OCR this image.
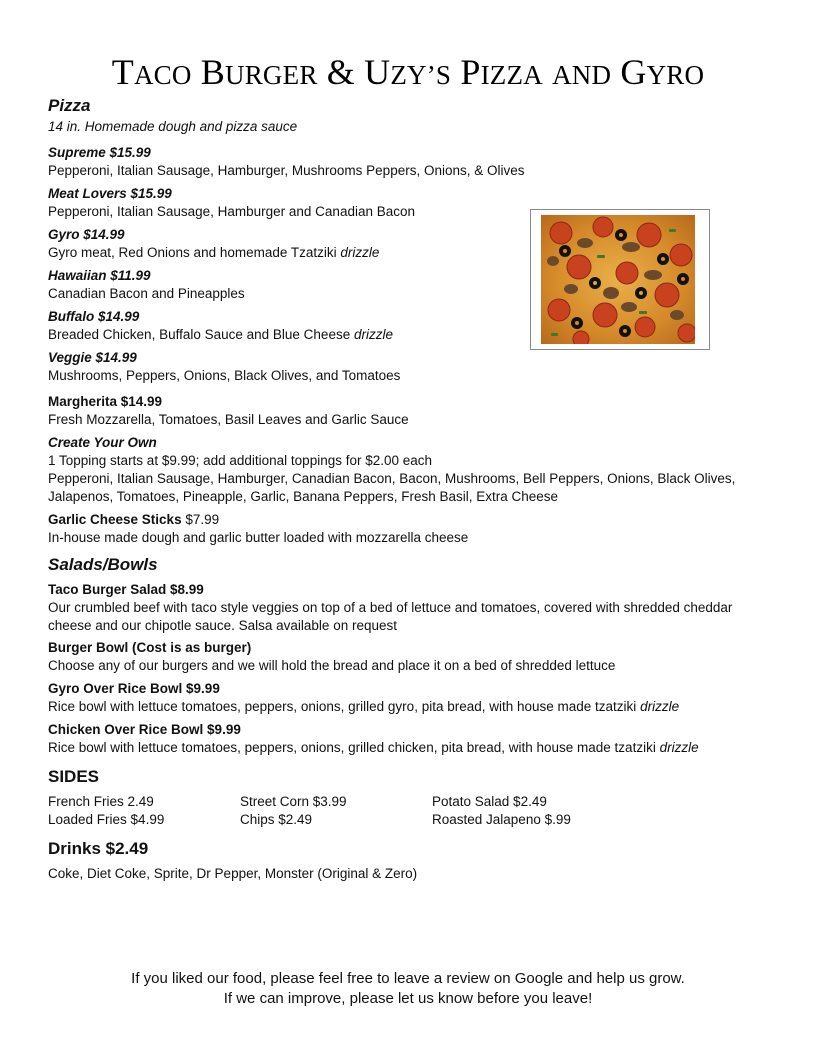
TACO BURGER & UZY’S PIZZA AND GYRO
Pizza
14 in. Homemade dough and pizza sauce
Supreme $15.99
Pepperoni, Italian Sausage, Hamburger, Mushrooms Peppers, Onions, & Olives
Meat Lovers $15.99
Pepperoni, Italian Sausage, Hamburger and Canadian Bacon
Gyro $14.99
Gyro meat, Red Onions and homemade Tzatziki drizzle
Hawaiian $11.99
Canadian Bacon and Pineapples
Buffalo $14.99
Breaded Chicken, Buffalo Sauce and Blue Cheese drizzle
Veggie $14.99
Mushrooms, Peppers, Onions, Black Olives, and Tomatoes
Margherita $14.99
Fresh Mozzarella, Tomatoes, Basil Leaves and Garlic Sauce
Create Your Own
1 Topping starts at $9.99; add additional toppings for $2.00 each
Pepperoni, Italian Sausage, Hamburger, Canadian Bacon, Bacon, Mushrooms, Bell Peppers, Onions, Black Olives, Jalapenos, Tomatoes, Pineapple, Garlic, Banana Peppers, Fresh Basil, Extra Cheese
Garlic Cheese Sticks $7.99
In-house made dough and garlic butter loaded with mozzarella cheese
Salads/Bowls
Taco Burger Salad $8.99
Our crumbled beef with taco style veggies on top of a bed of lettuce and tomatoes, covered with shredded cheddar cheese and our chipotle sauce. Salsa available on request
Burger Bowl (Cost is as burger)
Choose any of our burgers and we will hold the bread and place it on a bed of shredded lettuce
Gyro Over Rice Bowl $9.99
Rice bowl with lettuce tomatoes, peppers, onions, grilled gyro, pita bread, with house made tzatziki drizzle
Chicken Over Rice Bowl $9.99
Rice bowl with lettuce tomatoes, peppers, onions, grilled chicken, pita bread, with house made tzatziki drizzle
SIDES
French Fries 2.49	Street Corn $3.99	Potato Salad $2.49
Loaded Fries $4.99	Chips $2.49	Roasted Jalapeno $.99
Drinks $2.49
Coke, Diet Coke, Sprite, Dr Pepper, Monster (Original & Zero)
If you liked our food, please feel free to leave a review on Google and help us grow.
If we can improve, please let us know before you leave!
